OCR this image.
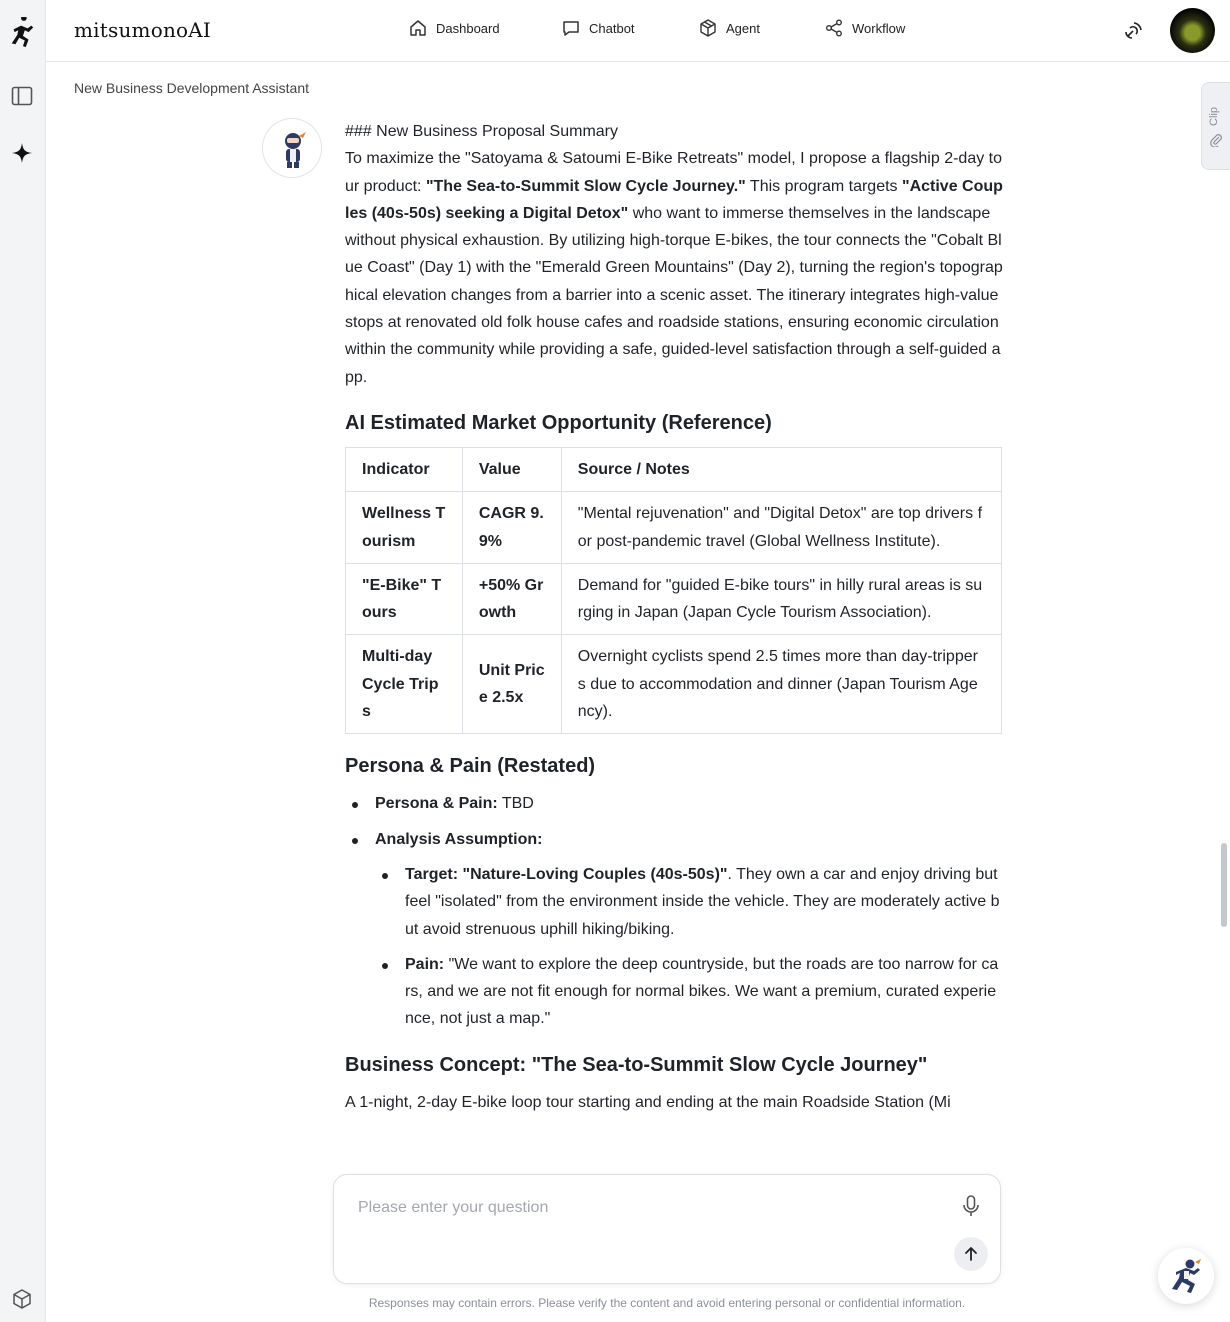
mitsumonoAI	Dashboard	Chatbot	Agent	Workflow
New Business Development Assistant
Clip

### New Business Proposal Summary

To maximize the "Satoyama & Satoumi E-Bike Retreats" model, I propose a flagship 2-day tour product: "The Sea-to-Summit Slow Cycle Journey." This program targets "Active Couples (40s-50s) seeking a Digital Detox" who want to immerse themselves in the landscape without physical exhaustion. By utilizing high-torque E-bikes, the tour connects the "Cobalt Blue Coast" (Day 1) with the "Emerald Green Mountains" (Day 2), turning the region's topographical elevation changes from a barrier into a scenic asset. The itinerary integrates high-value stops at renovated old folk house cafes and roadside stations, ensuring economic circulation within the community while providing a safe, guided-level satisfaction through a self-guided app.

AI Estimated Market Opportunity (Reference)
Indicator	Value	Source / Notes
Wellness Tourism	CAGR 9.9%	"Mental rejuvenation" and "Digital Detox" are top drivers for post-pandemic travel (Global Wellness Institute).
"E-Bike" Tours	+50% Growth	Demand for "guided E-bike tours" in hilly rural areas is surging in Japan (Japan Cycle Tourism Association).
Multi-day Cycle Trips	Unit Price 2.5x	Overnight cyclists spend 2.5 times more than day-trippers due to accommodation and dinner (Japan Tourism Agency).
Persona & Pain (Restated)
Persona & Pain: TBD
Analysis Assumption:
Target: "Nature-Loving Couples (40s-50s)". They own a car and enjoy driving but feel "isolated" from the environment inside the vehicle. They are moderately active but avoid strenuous uphill hiking/biking.
Pain: "We want to explore the deep countryside, but the roads are too narrow for cars, and we are not fit enough for normal bikes. We want a premium, curated experience, not just a map."
Business Concept: "The Sea-to-Summit Slow Cycle Journey"

A 1-night, 2-day E-bike loop tour starting and ending at the main Roadside Station (Mi

Please enter your question
Responses may contain errors. Please verify the content and avoid entering personal or confidential information.
